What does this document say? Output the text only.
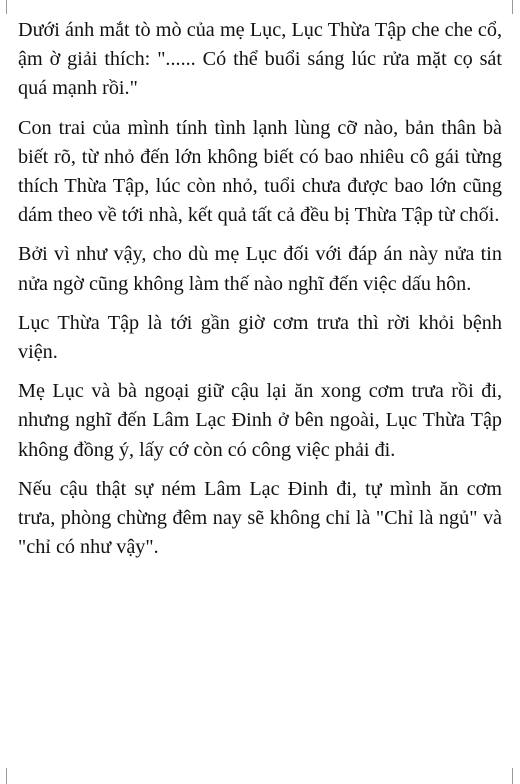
Dưới ánh mắt tò mò của mẹ Lục, Lục Thừa Tập che che cổ, ậm ờ giải thích: "...... Có thể buổi sáng lúc rửa mặt cọ sát quá mạnh rồi."

Con trai của mình tính tình lạnh lùng cỡ nào, bản thân bà biết rõ, từ nhỏ đến lớn không biết có bao nhiêu cô gái từng thích Thừa Tập, lúc còn nhỏ, tuổi chưa được bao lớn cũng dám theo về tới nhà, kết quả tất cả đều bị Thừa Tập từ chối.

Bởi vì như vậy, cho dù mẹ Lục đối với đáp án này nửa tin nửa ngờ cũng không làm thế nào nghĩ đến việc dấu hôn.

Lục Thừa Tập là tới gần giờ cơm trưa thì rời khỏi bệnh viện.

Mẹ Lục và bà ngoại giữ cậu lại ăn xong cơm trưa rồi đi, nhưng nghĩ đến Lâm Lạc Đinh ở bên ngoài, Lục Thừa Tập không đồng ý, lấy cớ còn có công việc phải đi.

Nếu cậu thật sự ném Lâm Lạc Đinh đi, tự mình ăn cơm trưa, phòng chừng đêm nay sẽ không chỉ là "Chỉ là ngủ" và "chỉ có như vậy".
